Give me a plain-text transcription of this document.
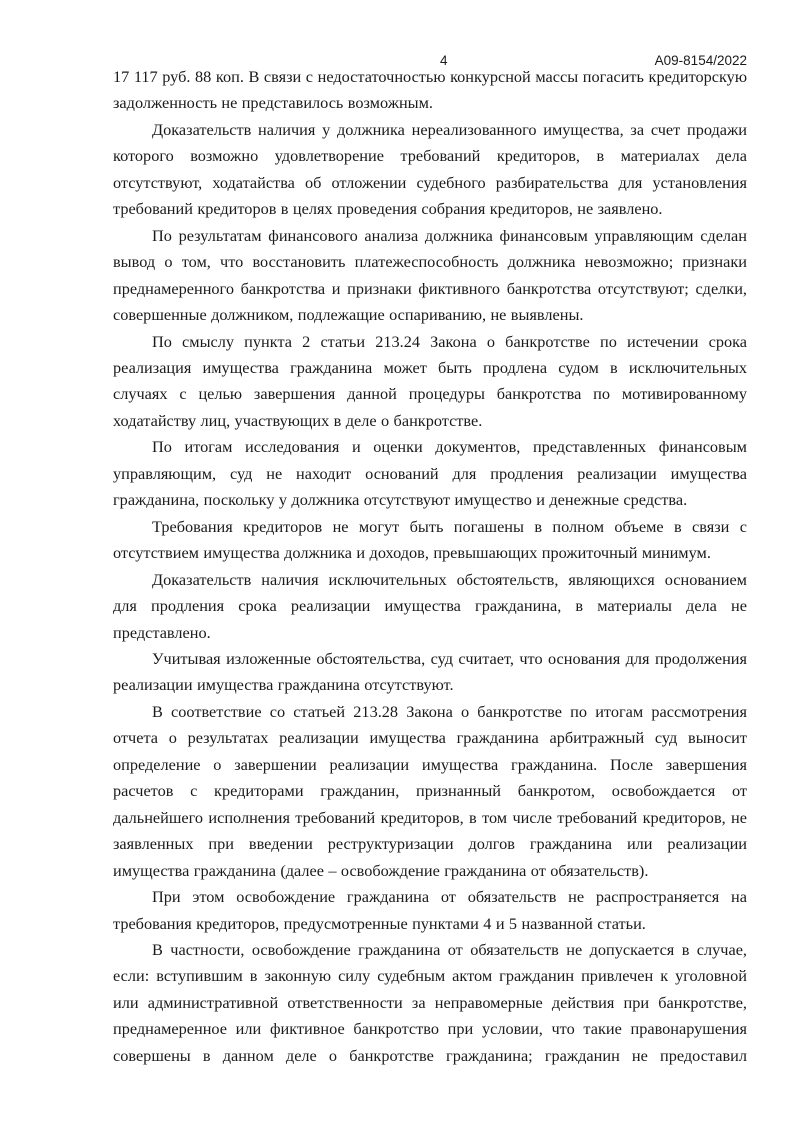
4	А09-8154/2022

17 117 руб. 88 коп. В связи с недостаточностью конкурсной массы погасить кредиторскую задолженность не представилось возможным.

Доказательств наличия у должника нереализованного имущества, за счет продажи которого возможно удовлетворение требований кредиторов, в материалах дела отсутствуют, ходатайства об отложении судебного разбирательства для установления требований кредиторов в целях проведения собрания кредиторов, не заявлено.

По результатам финансового анализа должника финансовым управляющим сделан вывод о том, что восстановить платежеспособность должника невозможно; признаки преднамеренного банкротства и признаки фиктивного банкротства отсутствуют; сделки, совершенные должником, подлежащие оспариванию, не выявлены.

По смыслу пункта 2 статьи 213.24 Закона о банкротстве по истечении срока реализация имущества гражданина может быть продлена судом в исключительных случаях с целью завершения данной процедуры банкротства по мотивированному ходатайству лиц, участвующих в деле о банкротстве.

По итогам исследования и оценки документов, представленных финансовым управляющим, суд не находит оснований для продления реализации имущества гражданина, поскольку у должника отсутствуют имущество и денежные средства.

Требования кредиторов не могут быть погашены в полном объеме в связи с отсутствием имущества должника и доходов, превышающих прожиточный минимум.

Доказательств наличия исключительных обстоятельств, являющихся основанием для продления срока реализации имущества гражданина, в материалы дела не представлено.

Учитывая изложенные обстоятельства, суд считает, что основания для продолжения реализации имущества гражданина отсутствуют.

В соответствие со статьей 213.28 Закона о банкротстве по итогам рассмотрения отчета о результатах реализации имущества гражданина арбитражный суд выносит определение о завершении реализации имущества гражданина. После завершения расчетов с кредиторами гражданин, признанный банкротом, освобождается от дальнейшего исполнения требований кредиторов, в том числе требований кредиторов, не заявленных при введении реструктуризации долгов гражданина или реализации имущества гражданина (далее – освобождение гражданина от обязательств).

При этом освобождение гражданина от обязательств не распространяется на требования кредиторов, предусмотренные пунктами 4 и 5 названной статьи.

В частности, освобождение гражданина от обязательств не допускается в случае, если: вступившим в законную силу судебным актом гражданин привлечен к уголовной или административной ответственности за неправомерные действия при банкротстве, преднамеренное или фиктивное банкротство при условии, что такие правонарушения совершены в данном деле о банкротстве гражданина; гражданин не предоставил
